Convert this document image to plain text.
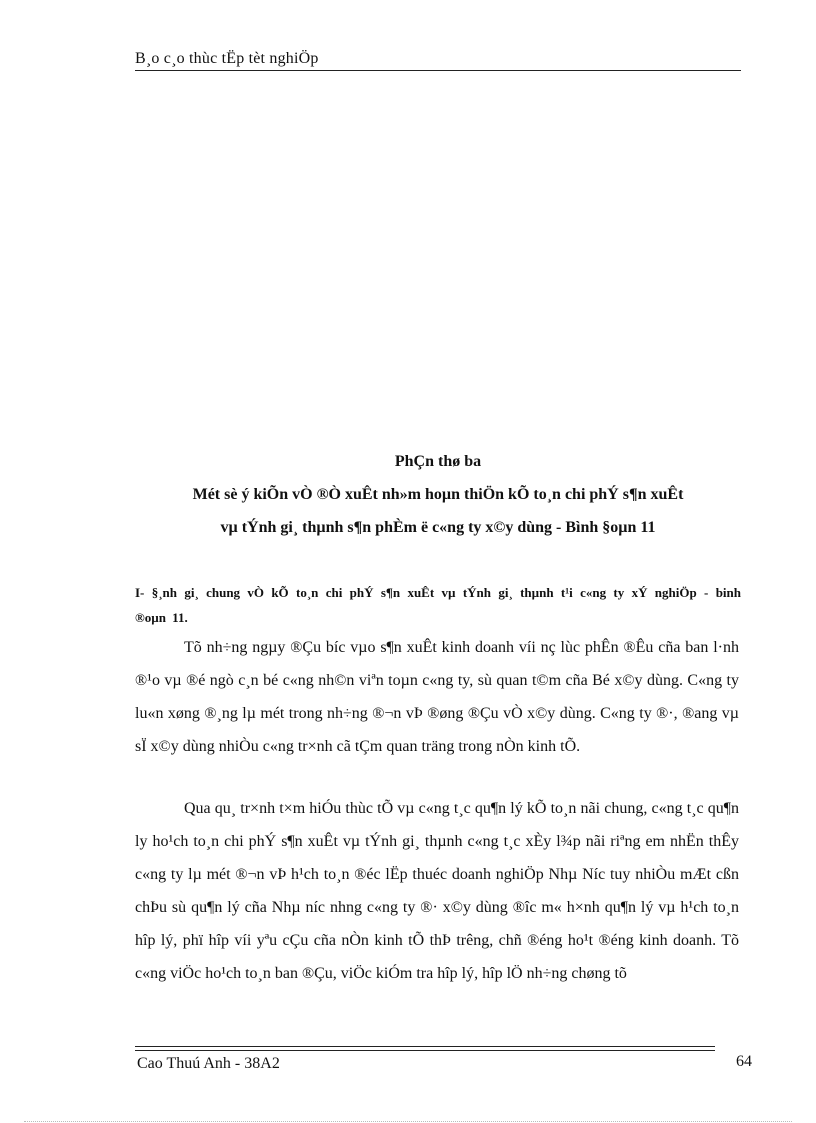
B¸o c¸o thùc tËp tèt nghiÖp
PhÇn thø ba
Mét sè ý kiÕn vÒ ®Ò xuÊt nh»m hoµn thiÖn kÕ to¸n chi phÝ s¶n xuÊt
vµ tÝnh gi¸ thµnh s¶n phÈm ë c«ng ty x©y dùng - Bình §oµn 11
I- §¸nh gi¸ chung vÒ kÕ to¸n chi phÝ s¶n xuÊt vµ tÝnh gi¸ thµnh t¹i c«ng ty xÝ nghiÖp - binh ®oµn 11.

Tõ nh÷ng ngµy ®Çu bíc vµo s¶n xuÊt kinh doanh víi nç lùc phÊn ®Êu cña ban l·nh ®¹o vµ ®é ngò c¸n bé c«ng nh©n viªn toµn c«ng ty, sù quan t©m cña Bé x©y dùng. C«ng ty lu«n xøng ®¸ng lµ mét trong nh÷ng ®¬n vÞ ®øng ®Çu vÒ x©y dùng. C«ng ty ®·, ®ang vµ sÏ x©y dùng nhiÒu c«ng tr×nh cã tÇm quan träng trong nÒn kinh tÕ.

Qua qu¸ tr×nh t×m hiÓu thùc tÕ vµ c«ng t¸c qu¶n lý kÕ to¸n nãi chung, c«ng t¸c qu¶n ly ho¹ch to¸n chi phÝ s¶n xuÊt vµ tÝnh gi¸ thµnh c«ng t¸c xÈy l¾p nãi riªng em nhËn thÊy c«ng ty lµ mét ®¬n vÞ h¹ch to¸n ®éc lËp thuéc doanh nghiÖp Nhµ Níc tuy nhiÒu mÆt cßn chÞu sù qu¶n lý cña Nhµ níc nhng c«ng ty ®· x©y dùng ®îc m« h×nh qu¶n lý vµ h¹ch to¸n hîp lý, phï hîp víi yªu cÇu cña nÒn kinh tÕ thÞ trêng, chñ ®éng ho¹t ®éng kinh doanh. Tõ c«ng viÖc ho¹ch to¸n ban ®Çu, viÖc kiÓm tra hîp lý, hîp lÖ nh÷ng chøng tõ

Cao Thuú Anh - 38A2	64
